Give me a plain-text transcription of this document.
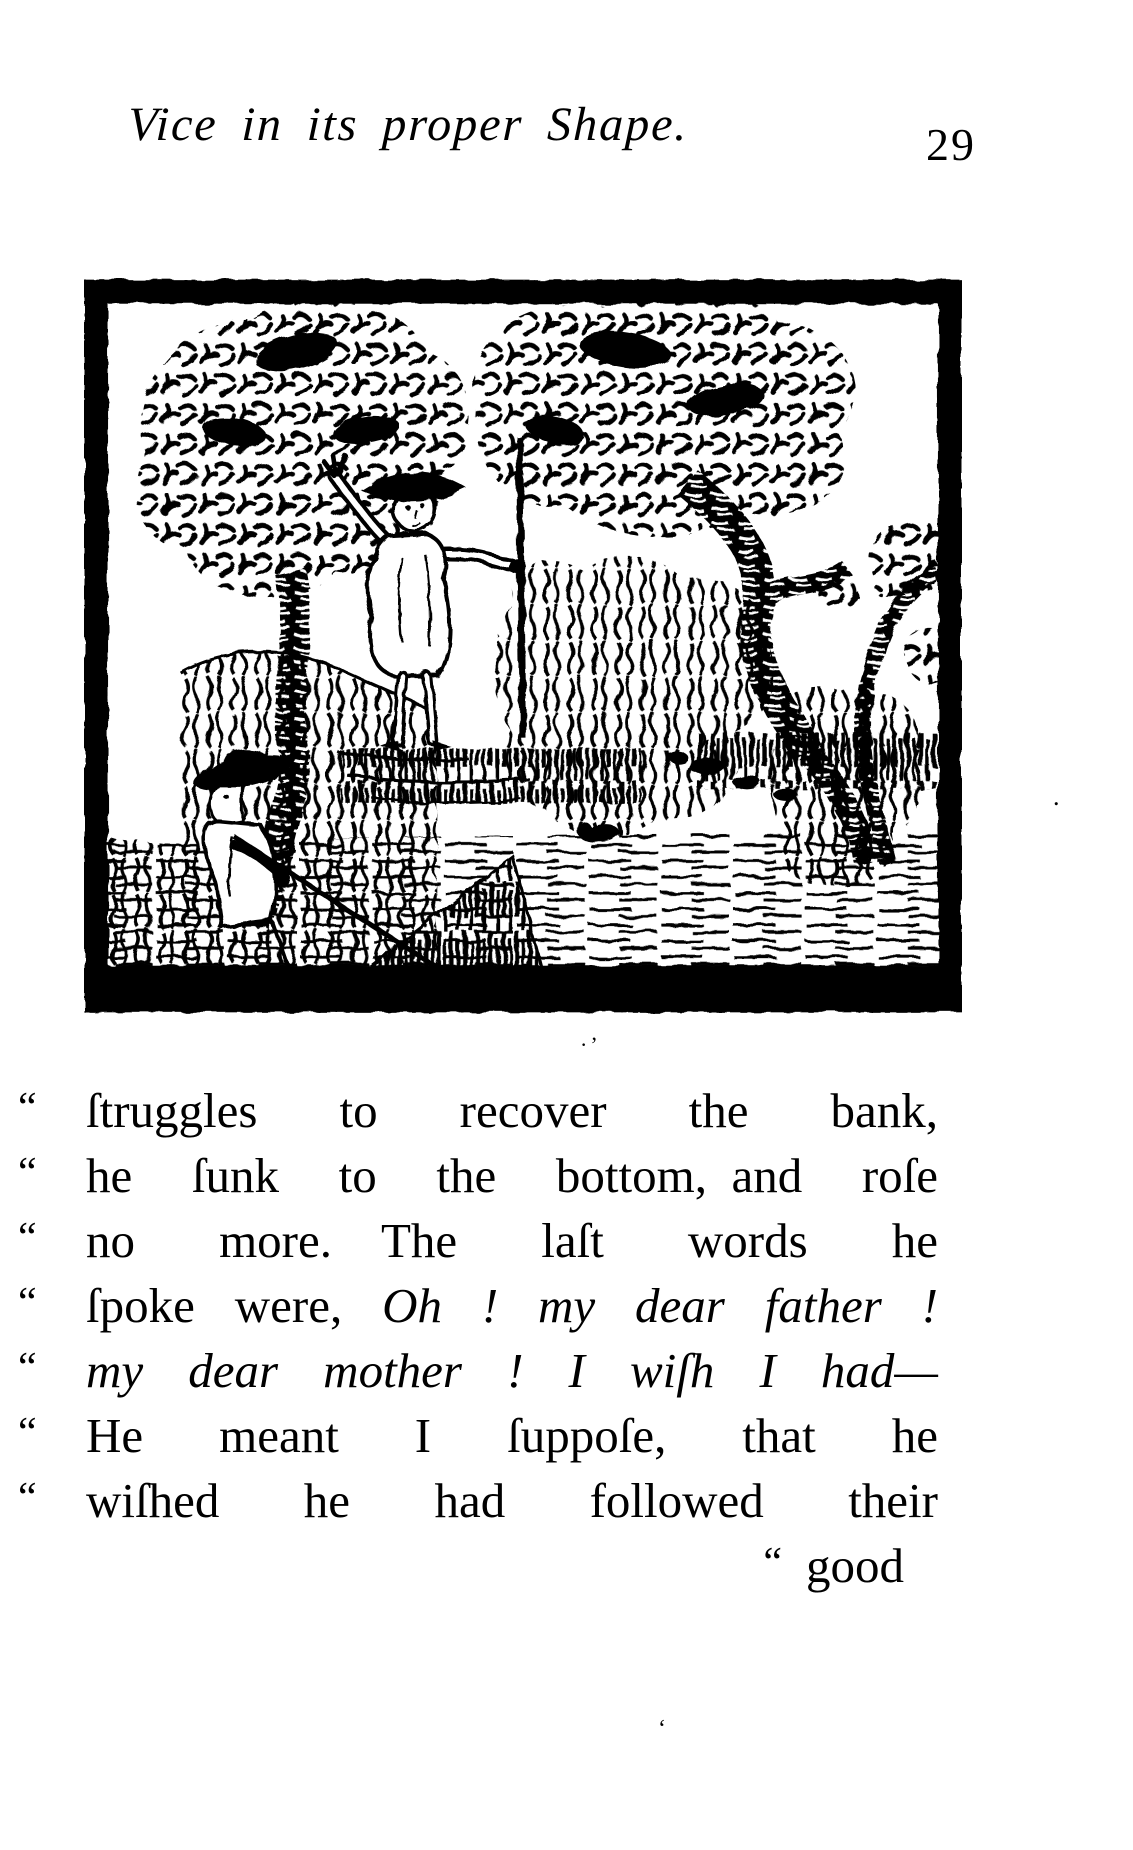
Vice in its proper Shape.	29
“	ſtruggles to recover the bank,
“	he ſunk to the bottom, and roſe
“	no more. The laſt words he
“	ſpoke were, Oh ! my dear father !
“	my dear mother ! I wiſh I had—
“	He meant I ſuppoſe, that he
“	wiſhed he had followed their
“ good
·’
.
‘
